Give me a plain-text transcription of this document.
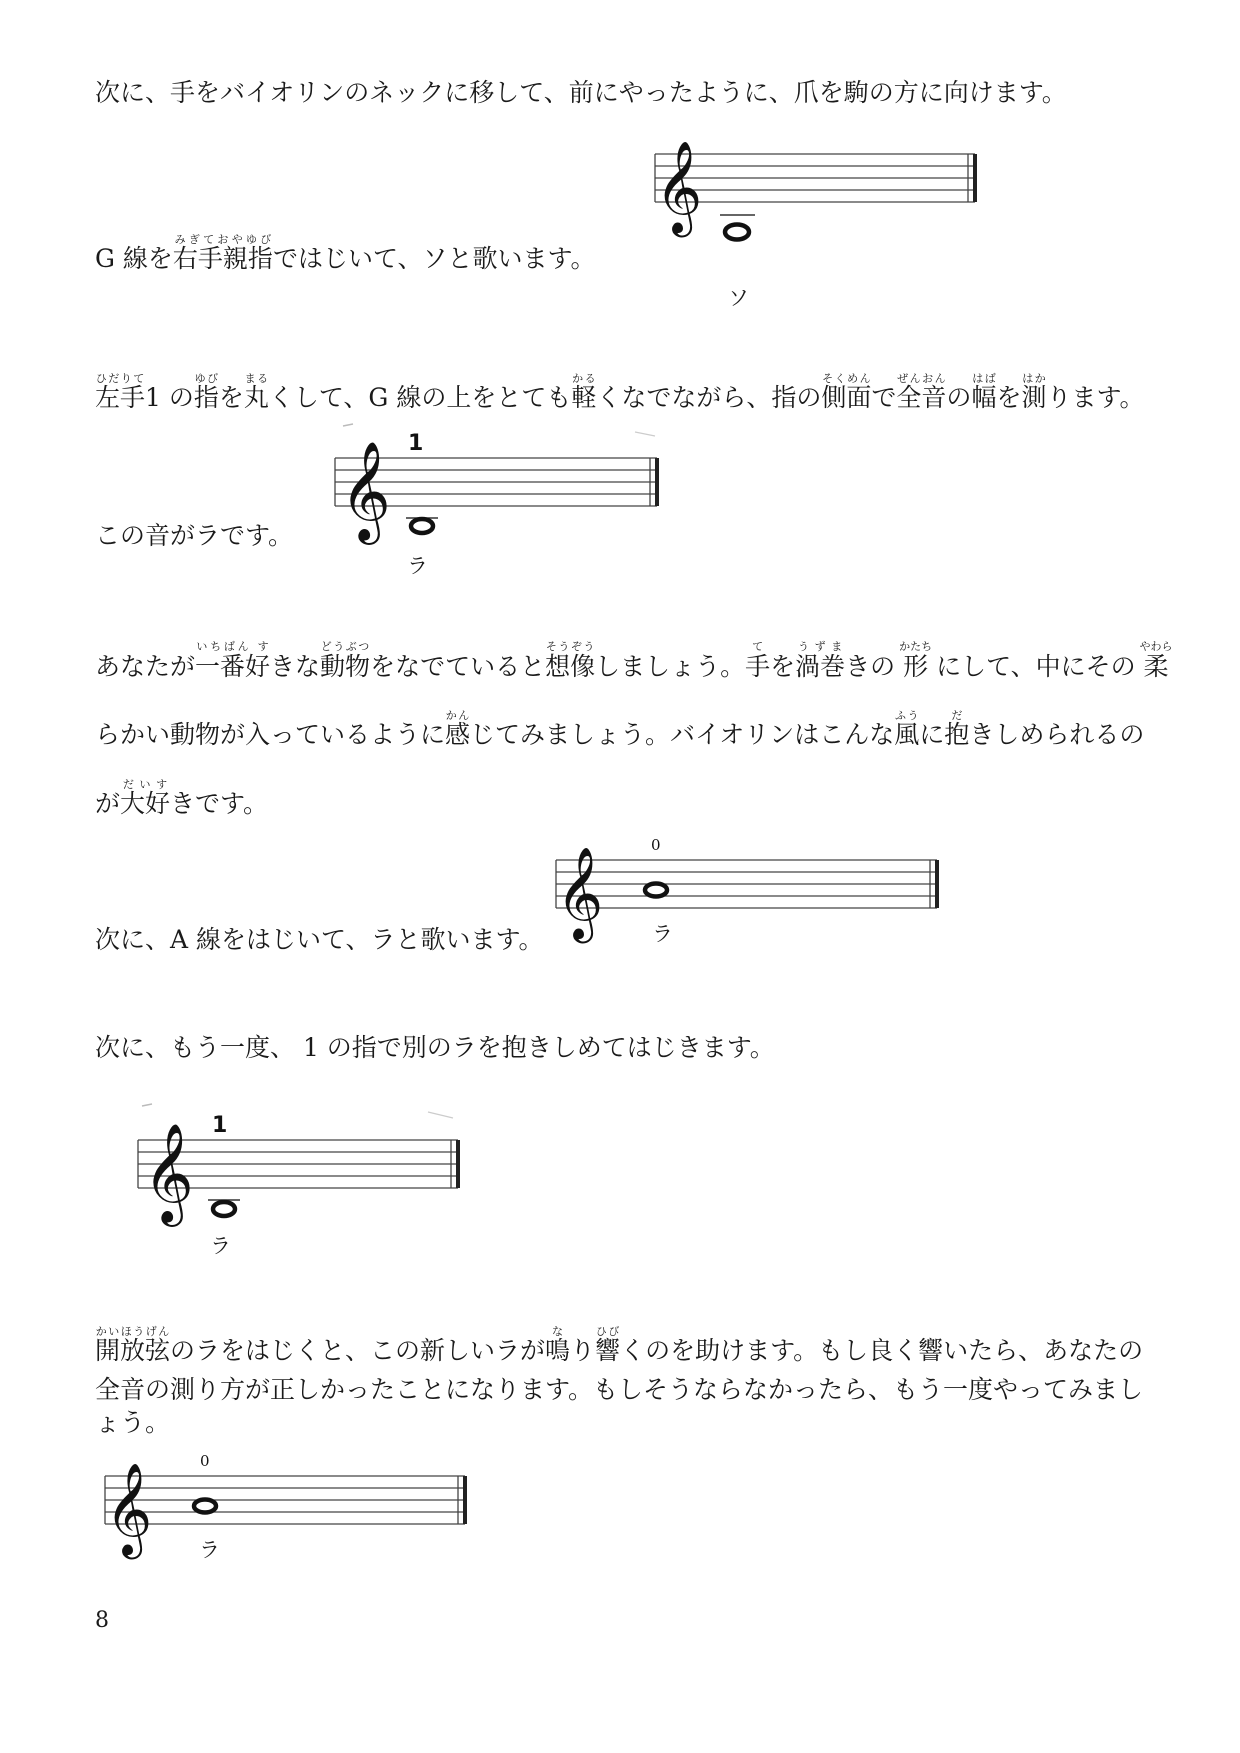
次に、手をバイオリンのネックに移して、前にやったように、爪を駒の方に向けます。

G 線を右手親指みぎておやゆびではじいて、ソと歌います。

𝄞
ソ

左手ひだりて1 の指ゆびを丸まるくして、G 線の上をとても軽かるくなでながら、指の側面そくめんで全音ぜんおんの幅はばを測はかります。

この音がラです。 𝄞 1
ラ

あなたが一番好いちばん すきな動物どうぶつをなでていると想像そうぞうしましょう。手てを渦巻うずまきの 形かたち にして、中にその 柔やわら

らかい動物が入っているように感かんじてみましょう。バイオリンはこんな風ふうに抱だきしめられるの

が大好だいすきです。

次に、A 線をはじいて、ラと歌います。

𝄞
0
ラ

次に、もう一度、 1 の指で別のラを抱きしめてはじきます。

𝄞 1
ラ

開放弦かいほうげんのラをはじくと、この新しいラが鳴なり響ひびくのを助けます。もし良く響いたら、あなたの

全音の測り方が正しかったことになります。もしそうならなかったら、もう一度やってみまし

ょう。

𝄞
0
ラ
8
